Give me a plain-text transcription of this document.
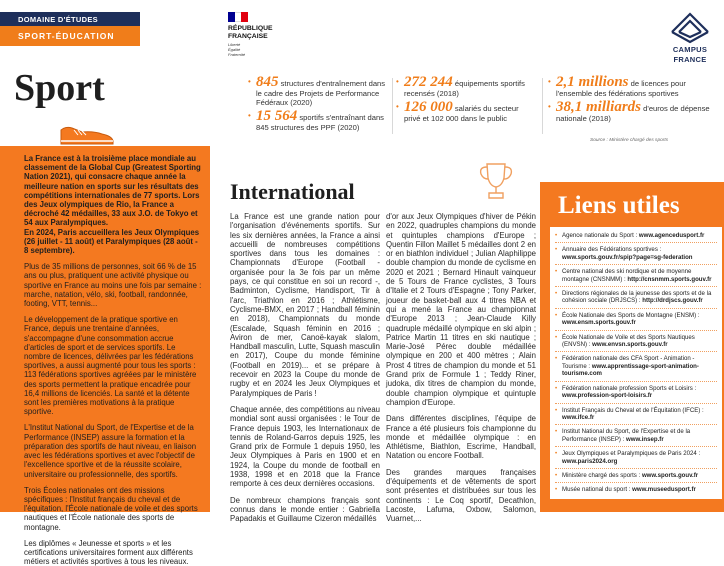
DOMAINE D'ÉTUDES
SPORT-ÉDUCATION
RÉPUBLIQUE
FRANÇAISE
Liberté
Égalité
Fraternité
CAMPUS
FRANCE
Sport	• 845 structures d'entraînement dans le cadre des Projets de Performance Fédéraux (2020)
• 15 564 sportifs s'entraînant dans 845 structures des PPF (2020)
• 272 244 équipements sportifs recensés (2018)
• 126 000 salariés du secteur privé et 102 000 dans le public
• 2,1 millions de licences pour l'ensemble des fédérations sportives
• 38,1 milliards d'euros de dépense nationale (2018)
Source : Ministère chargé des sports

La France est à la troisième place mondiale au classement de la Global Cup (Greatest Sporting Nation 2021), qui consacre chaque année la meilleure nation en sports sur les résultats des compétitions internationales de 77 sports. Lors des Jeux olympiques de Rio, la France a décroché 42 médailles, 33 aux J.O. de Tokyo et 54 aux Paralympiques.

En 2024, Paris accueillera les Jeux Olympiques (26 juillet - 11 août) et Paralympiques (28 août - 8 septembre).

Plus de 35 millions de personnes, soit 66 % de 15 ans ou plus, pratiquent une activité physique ou sportive en France au moins une fois par semaine : marche, natation, vélo, ski, football, randonnée, footing, VTT, tennis...

Le développement de la pratique sportive en France, depuis une trentaine d'années, s'accompagne d'une consommation accrue d'articles de sport et de services sportifs. Le nombre de licences, délivrées par les fédérations sportives, a aussi augmenté pour tous les sports : 113 fédérations sportives agréées par le ministère des sports permettent la pratique encadrée pour 16,4 millions de licenciés. La santé et la détente sont les premières motivations à la pratique sportive.

L'Institut National du Sport, de l'Expertise et de la Performance (INSEP) assure la formation et la préparation des sportifs de haut niveau, en liaison avec les fédérations sportives et avec l'objectif de l'excellence sportive et de la réussite scolaire, universitaire ou professionnelle, des sportifs.

Trois Écoles nationales ont des missions spécifiques : l'Institut français du cheval et de l'équitation, l'École nationale de voile et des sports nautiques et l'École nationale des sports de montagne.

Les diplômes « Jeunesse et sports » et les certifications universitaires forment aux différents métiers et activités sportives à tous les niveaux.

International

La France est une grande nation pour l'organisation d'événements sportifs. Sur les six dernières années, la France a ainsi accueilli de nombreuses compétitions sportives dans tous les domaines : Championnats d'Europe (Football - organisée pour la 3e fois par un même pays, ce qui constitue en soi un record -, Badminton, Cyclisme, Handisport, Tir à l'arc, Triathlon en 2016 ; Athlétisme, Cyclisme-BMX, en 2017 ; Handball féminin en 2018), Championnats du monde (Escalade, Squash féminin en 2016 ; Aviron de mer, Canoë-kayak slalom, Handball masculin, Lutte, Squash masculin en 2017), Coupe du monde féminine (Football en 2019)... et se prépare à recevoir en 2023 la Coupe du monde de rugby et en 2024 les Jeux Olympiques et Paralympiques de Paris !

Chaque année, des compétitions au niveau mondial sont aussi organisées : le Tour de France depuis 1903, les Internationaux de tennis de Roland-Garros depuis 1925, les Grand prix de Formule 1 depuis 1950, les Jeux Olympiques à Paris en 1900 et en 1924, la Coupe du monde de football en 1938, 1998 et en 2018 que la France remporte à ces deux dernières occasions.

De nombreux champions français sont connus dans le monde entier : Gabriella Papadakis et Guillaume Cizeron médaillés

d'or aux Jeux Olympiques d'hiver de Pékin en 2022, quadruples champions du monde et quintuples champions d'Europe ; Quentin Fillon Maillet 5 médailles dont 2 en or en biathlon individuel ; Julian Alaphilippe double champion du monde de cyclisme en 2020 et 2021 ; Bernard Hinault vainqueur de 5 Tours de France cyclistes, 3 Tours d'Italie et 2 Tours d'Espagne ; Tony Parker, joueur de basket-ball aux 4 titres NBA et qui a mené la France au championnat d'Europe 2013 ; Jean-Claude Killy quadruple médaillé olympique en ski alpin ; Patrice Martin 11 titres en ski nautique ; Marie-José Pérec double médaillée olympique en 200 et 400 mètres ; Alain Prost 4 titres de champion du monde et 51 Grand prix de Formule 1 ; Teddy Riner, judoka, dix titres de champion du monde, double champion olympique et quintuple champion d'Europe.

Dans différentes disciplines, l'équipe de France a été plusieurs fois championne du monde et médaillée olympique : en Athlétisme, Biathlon, Escrime, Handball, Natation ou encore Football.

Des grandes marques françaises d'équipements et de vêtements de sport sont présentes et distribuées sur tous les continents : Le Coq sportif, Decathlon, Lacoste, Lafuma, Oxbow, Salomon, Vuarnet,...

Liens utiles
• Agence nationale du Sport : www.agencedusport.fr
• Annuaire des Fédérations sportives : www.sports.gouv.fr/spip?page=sg-federation
• Centre national des ski nordique et de moyenne montagne (CNSNMM) : http://cnsnmm.sports.gouv.fr
• Directions régionales de la jeunesse des sports et de la cohésion sociale (DRJSCS) : http://drdjscs.gouv.fr
• École Nationale des Sports de Montagne (ENSM) : www.ensm.sports.gouv.fr
• École Nationale de Voile et des Sports Nautiques (ENVSN) : www.envsn.sports.gouv.fr
• Fédération nationale des CFA Sport - Animation - Tourisme : www.apprentissage-sport-animation-tourisme.com
• Fédération nationale profession Sports et Loisirs : www.profession-sport-loisirs.fr
• Institut Français du Cheval et de l'Équitation (IFCE) : www.ifce.fr
• Institut National du Sport, de l'Expertise et de la Performance (INSEP) : www.insep.fr
• Jeux Olympiques et Paralympiques de Paris 2024 : www.paris2024.org
• Ministère chargé des sports : www.sports.gouv.fr
• Musée national du sport : www.museedusport.fr
